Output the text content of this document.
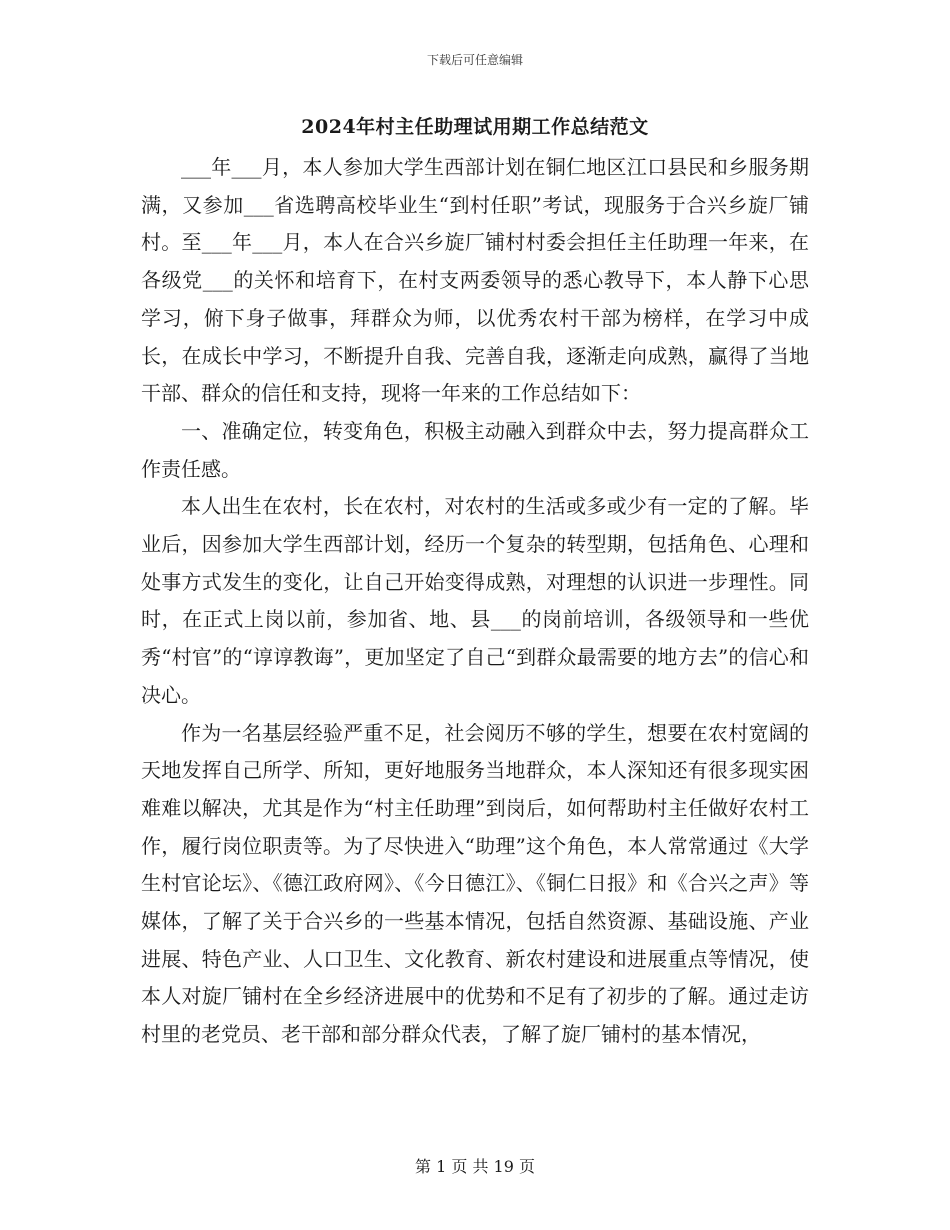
下载后可任意编辑
2024年村主任助理试用期工作总结范文

___年___月，本人参加大学生西部计划在铜仁地区江口县民和乡服务期满，又参加___省选聘高校毕业生“到村任职”考试，现服务于合兴乡旋厂铺村。至___年___月，本人在合兴乡旋厂铺村村委会担任主任助理一年来，在各级党___的关怀和培育下，在村支两委领导的悉心教导下，本人静下心思学习，俯下身子做事，拜群众为师，以优秀农村干部为榜样，在学习中成长，在成长中学习，不断提升自我、完善自我，逐渐走向成熟，赢得了当地干部、群众的信任和支持，现将一年来的工作总结如下：

一、准确定位，转变角色，积极主动融入到群众中去，努力提高群众工作责任感。

本人出生在农村，长在农村，对农村的生活或多或少有一定的了解。毕业后，因参加大学生西部计划，经历一个复杂的转型期，包括角色、心理和处事方式发生的变化，让自己开始变得成熟，对理想的认识进一步理性。同时，在正式上岗以前，参加省、地、县___的岗前培训，各级领导和一些优秀“村官”的“谆谆教诲”，更加坚定了自己“到群众最需要的地方去”的信心和决心。

作为一名基层经验严重不足，社会阅历不够的学生，想要在农村宽阔的天地发挥自己所学、所知，更好地服务当地群众，本人深知还有很多现实困难难以解决，尤其是作为“村主任助理”到岗后，如何帮助村主任做好农村工作，履行岗位职责等。为了尽快进入“助理”这个角色，本人常常通过《大学生村官论坛》、《德江政府网》、《今日德江》、《铜仁日报》和《合兴之声》等媒体，了解了关于合兴乡的一些基本情况，包括自然资源、基础设施、产业进展、特色产业、人口卫生、文化教育、新农村建设和进展重点等情况，使本人对旋厂铺村在全乡经济进展中的优势和不足有了初步的了解。通过走访村里的老党员、老干部和部分群众代表，了解了旋厂铺村的基本情况，

第 1 页 共 19 页
